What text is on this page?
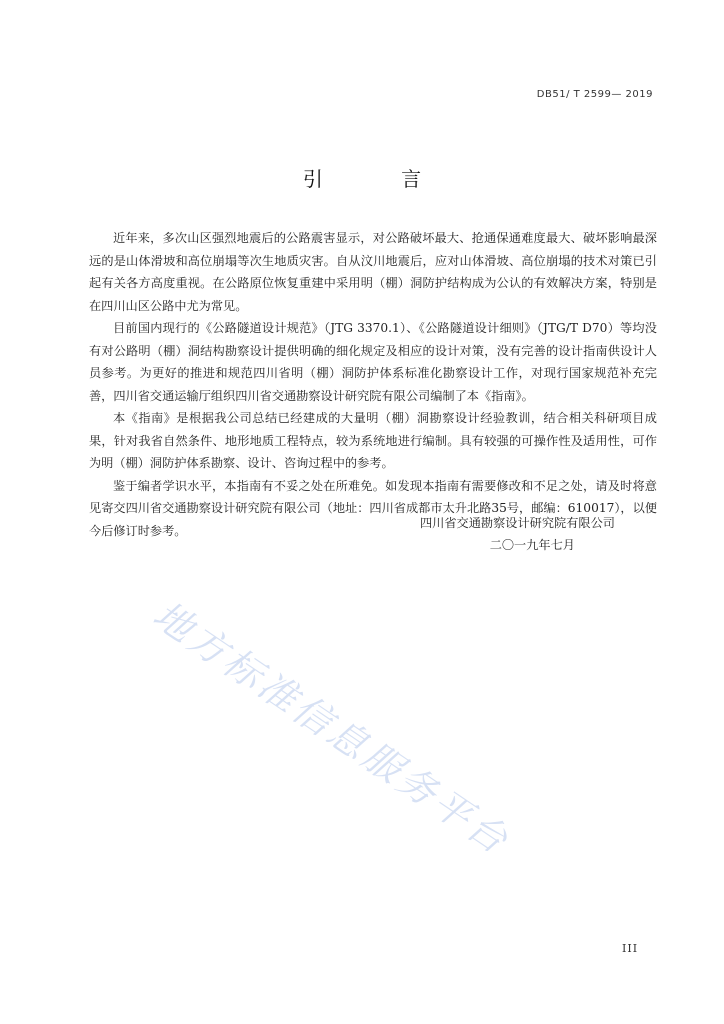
DB51/ T 2599— 2019
引 言

近年来，多次山区强烈地震后的公路震害显示，对公路破坏最大、抢通保通难度最大、破坏影响最深远的是山体滑坡和高位崩塌等次生地质灾害。自从汶川地震后，应对山体滑坡、高位崩塌的技术对策已引起有关各方高度重视。在公路原位恢复重建中采用明（棚）洞防护结构成为公认的有效解决方案，特别是在四川山区公路中尤为常见。

目前国内现行的《公路隧道设计规范》（JTG 3370.1）、《公路隧道设计细则》（JTG/T D70）等均没有对公路明（棚）洞结构勘察设计提供明确的细化规定及相应的设计对策，没有完善的设计指南供设计人员参考。为更好的推进和规范四川省明（棚）洞防护体系标准化勘察设计工作，对现行国家规范补充完善，四川省交通运输厅组织四川省交通勘察设计研究院有限公司编制了本《指南》。

本《指南》是根据我公司总结已经建成的大量明（棚）洞勘察设计经验教训，结合相关科研项目成果，针对我省自然条件、地形地质工程特点，较为系统地进行编制。具有较强的可操作性及适用性，可作为明（棚）洞防护体系勘察、设计、咨询过程中的参考。

鉴于编者学识水平，本指南有不妥之处在所难免。如发现本指南有需要修改和不足之处，请及时将意见寄交四川省交通勘察设计研究院有限公司（地址：四川省成都市太升北路35号，邮编：610017），以便今后修订时参考。

四川省交通勘察设计研究院有限公司
二〇一九年七月
地方标准信息服务平台
III
